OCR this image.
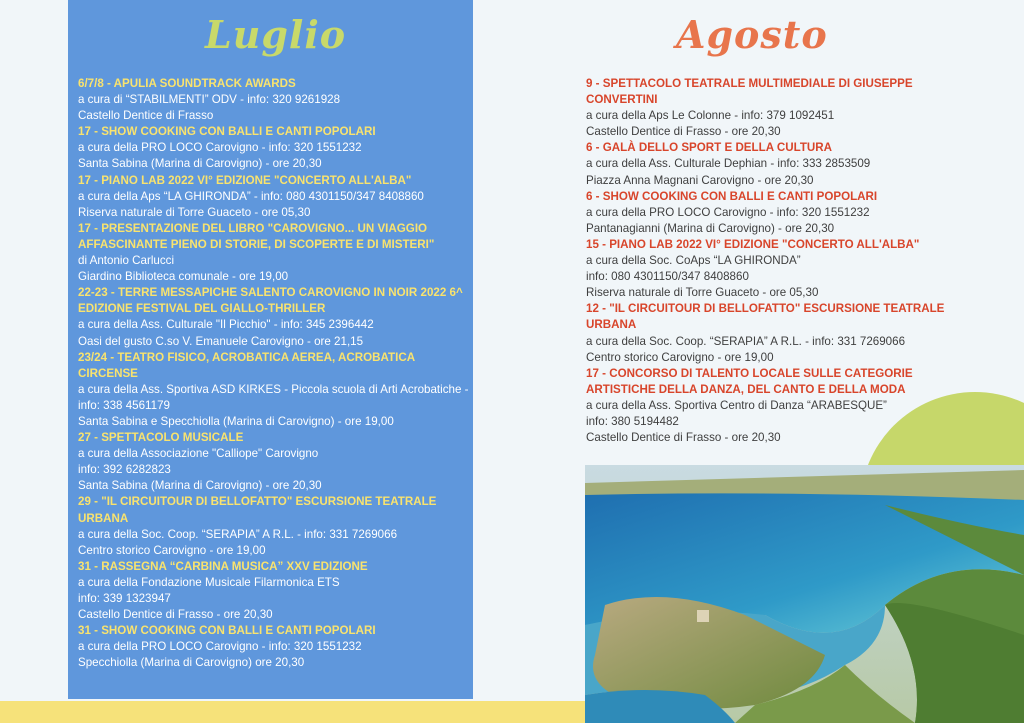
Luglio	Agosto
6/7/8 - APULIA SOUNDTRACK AWARDS
a cura di “STABILMENTI” ODV - info: 320 9261928
Castello Dentice di Frasso
17 - SHOW COOKING CON BALLI E CANTI POPOLARI
a cura della PRO LOCO Carovigno - info: 320 1551232
Santa Sabina (Marina di Carovigno) - ore 20,30
17 - PIANO LAB 2022 VI° EDIZIONE "CONCERTO ALL'ALBA"
a cura della Aps “LA GHIRONDA” - info: 080 4301150/347 8408860
Riserva naturale di Torre Guaceto - ore 05,30
17 - PRESENTAZIONE DEL LIBRO "CAROVIGNO... UN VIAGGIO AFFASCINANTE PIENO DI STORIE, DI SCOPERTE E DI MISTERI"
di Antonio Carlucci
Giardino Biblioteca comunale - ore 19,00
22-23 - TERRE MESSAPICHE SALENTO CAROVIGNO IN NOIR 2022 6^ EDIZIONE FESTIVAL DEL GIALLO-THRILLER
a cura della Ass. Culturale "Il Picchio" - info: 345 2396442
Oasi del gusto C.so V. Emanuele Carovigno - ore 21,15
23/24 - TEATRO FISICO, ACROBATICA AEREA, ACROBATICA CIRCENSE
a cura della Ass. Sportiva ASD KIRKES - Piccola scuola di Arti Acrobatiche - info: 338 4561179
Santa Sabina e Specchiolla (Marina di Carovigno) - ore 19,00
27 - SPETTACOLO MUSICALE
a cura della Associazione "Calliope" Carovigno
info: 392 6282823
Santa Sabina (Marina di Carovigno) - ore 20,30
29 - "IL CIRCUITOUR DI BELLOFATTO" ESCURSIONE TEATRALE URBANA
a cura della Soc. Coop. “SERAPIA” A R.L. - info: 331 7269066
Centro storico Carovigno - ore 19,00
31 - RASSEGNA “CARBINA MUSICA” XXV EDIZIONE
a cura della Fondazione Musicale Filarmonica ETS
info: 339 1323947
Castello Dentice di Frasso - ore 20,30
31 - SHOW COOKING CON BALLI E CANTI POPOLARI
a cura della PRO LOCO Carovigno - info: 320 1551232
Specchiolla (Marina di Carovigno) ore 20,30
9 - SPETTACOLO TEATRALE MULTIMEDIALE DI GIUSEPPE CONVERTINI
a cura della Aps Le Colonne - info: 379 1092451
Castello Dentice di Frasso - ore 20,30
6 - GALÀ DELLO SPORT E DELLA CULTURA
a cura della Ass. Culturale Dephian - info: 333 2853509
Piazza Anna Magnani Carovigno - ore 20,30
6 - SHOW COOKING CON BALLI E CANTI POPOLARI
a cura della PRO LOCO Carovigno - info: 320 1551232
Pantanagianni (Marina di Carovigno) - ore 20,30
15 - PIANO LAB 2022 VI° EDIZIONE "CONCERTO ALL'ALBA"
a cura della Soc. CoAps “LA GHIRONDA”
info: 080 4301150/347 8408860
Riserva naturale di Torre Guaceto - ore 05,30
12 - "IL CIRCUITOUR DI BELLOFATTO" ESCURSIONE TEATRALE URBANA
a cura della Soc. Coop. “SERAPIA” A R.L. - info: 331 7269066
Centro storico Carovigno - ore 19,00
17 - CONCORSO DI TALENTO LOCALE SULLE CATEGORIE ARTISTICHE DELLA DANZA, DEL CANTO E DELLA MODA
a cura della Ass. Sportiva Centro di Danza “ARABESQUE”
info: 380 5194482
Castello Dentice di Frasso - ore 20,30
